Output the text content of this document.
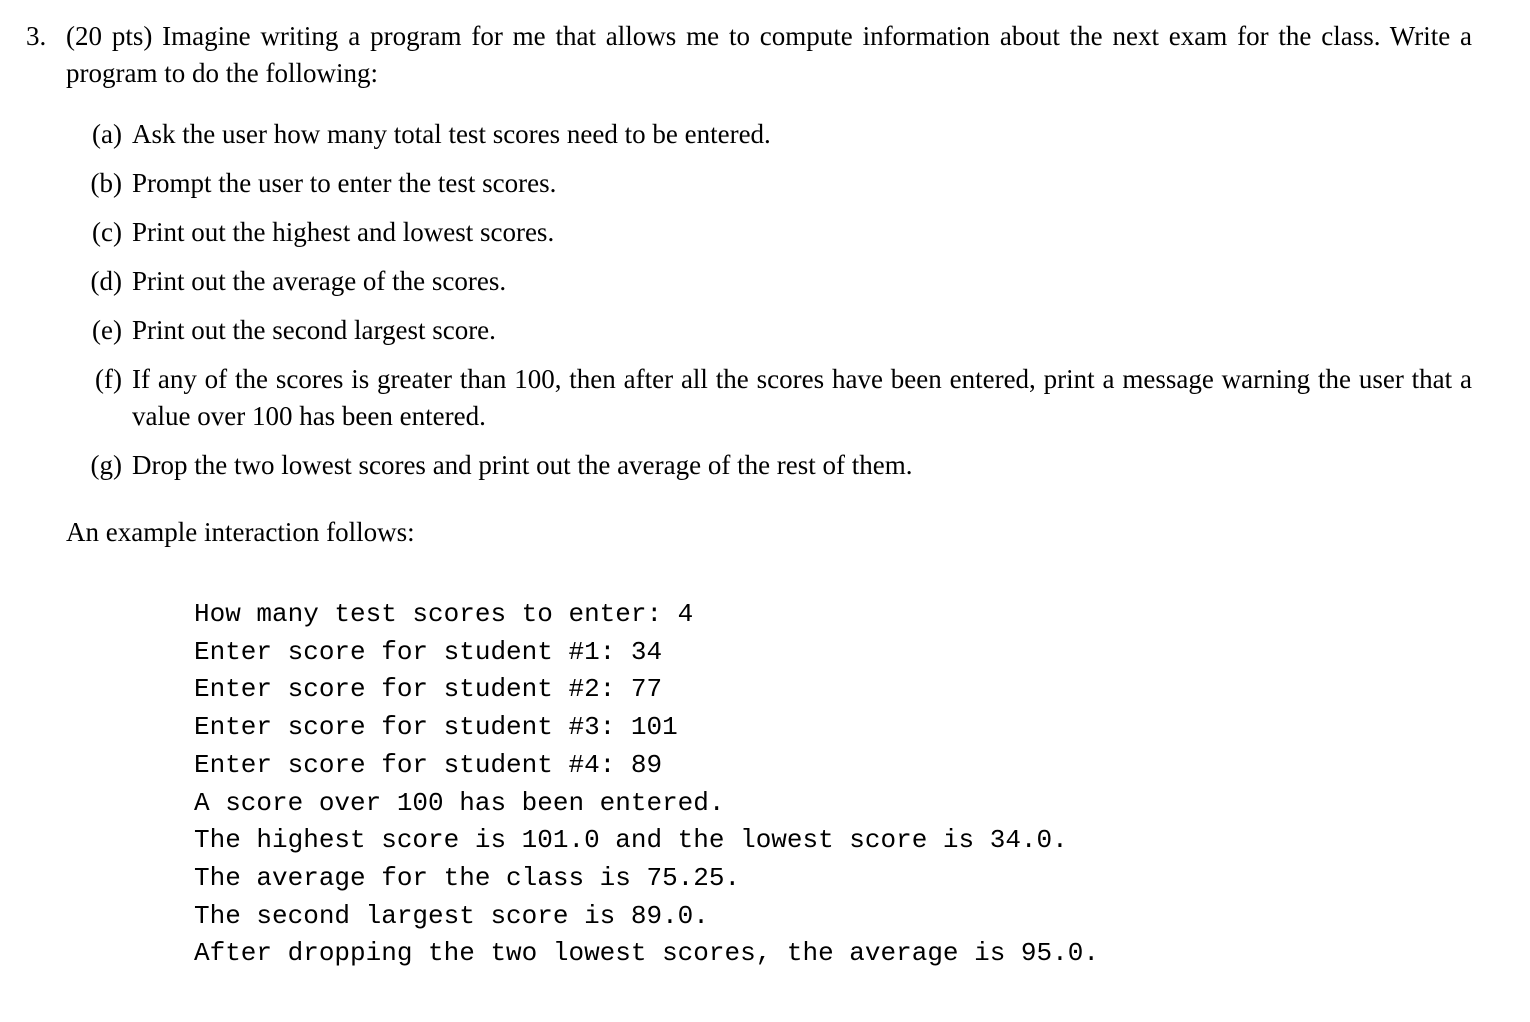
3. (20 pts) Imagine writing a program for me that allows me to compute information about the next exam for the class. Write a program to do the following:
(a) Ask the user how many total test scores need to be entered.
(b) Prompt the user to enter the test scores.
(c) Print out the highest and lowest scores.
(d) Print out the average of the scores.
(e) Print out the second largest score.
(f) If any of the scores is greater than 100, then after all the scores have been entered, print a message warning the user that a value over 100 has been entered.
(g) Drop the two lowest scores and print out the average of the rest of them.
An example interaction follows:
How many test scores to enter: 4
Enter score for student #1: 34
Enter score for student #2: 77
Enter score for student #3: 101
Enter score for student #4: 89
A score over 100 has been entered.
The highest score is 101.0 and the lowest score is 34.0.
The average for the class is 75.25.
The second largest score is 89.0.
After dropping the two lowest scores, the average is 95.0.
